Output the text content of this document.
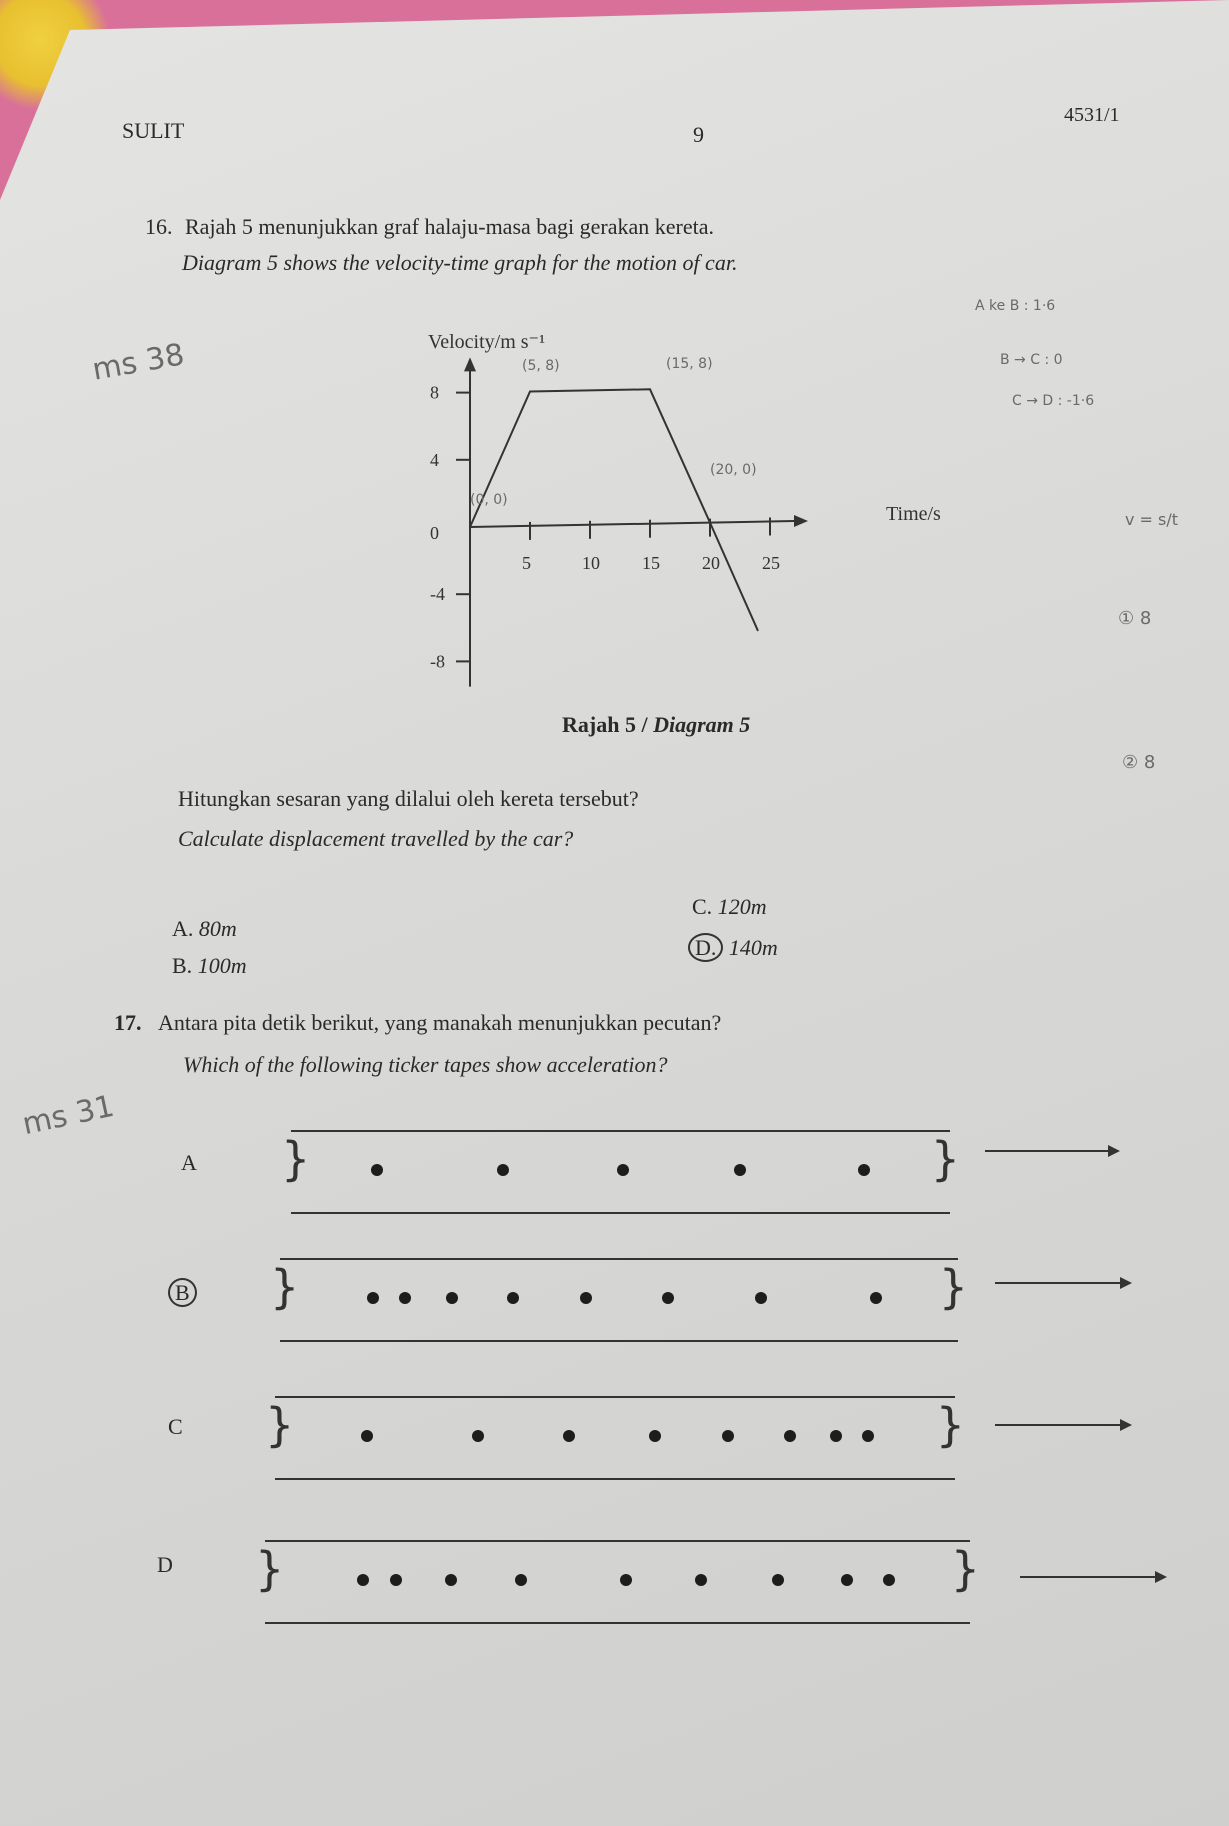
SULIT	9
4531/1
16. Rajah 5 menunjukkan graf halaju-masa bagi gerakan kereta.
Diagram 5 shows the velocity-time graph for the motion of car.
Velocity/m s⁻¹
Time/s
5	10 15 20 25
8
4
0
-4
-8
Rajah 5 / Diagram 5
Hitungkan sesaran yang dilalui oleh kereta tersebut?
Calculate displacement travelled by the car?
A. 80m
B. 100m
C. 120m
D. 140m
17. Antara pita detik berikut, yang manakah menunjukkan pecutan?
Which of the following ticker tapes show acceleration?
A }	}
B }	}
C }	}
D }	}
ms 38
ms 31
(5, 8)	(15, 8)
(0, 0)
(20, 0)
A ke B : 1·6
B → C : 0
C → D : -1·6
v = s/t
① 8
② 8
